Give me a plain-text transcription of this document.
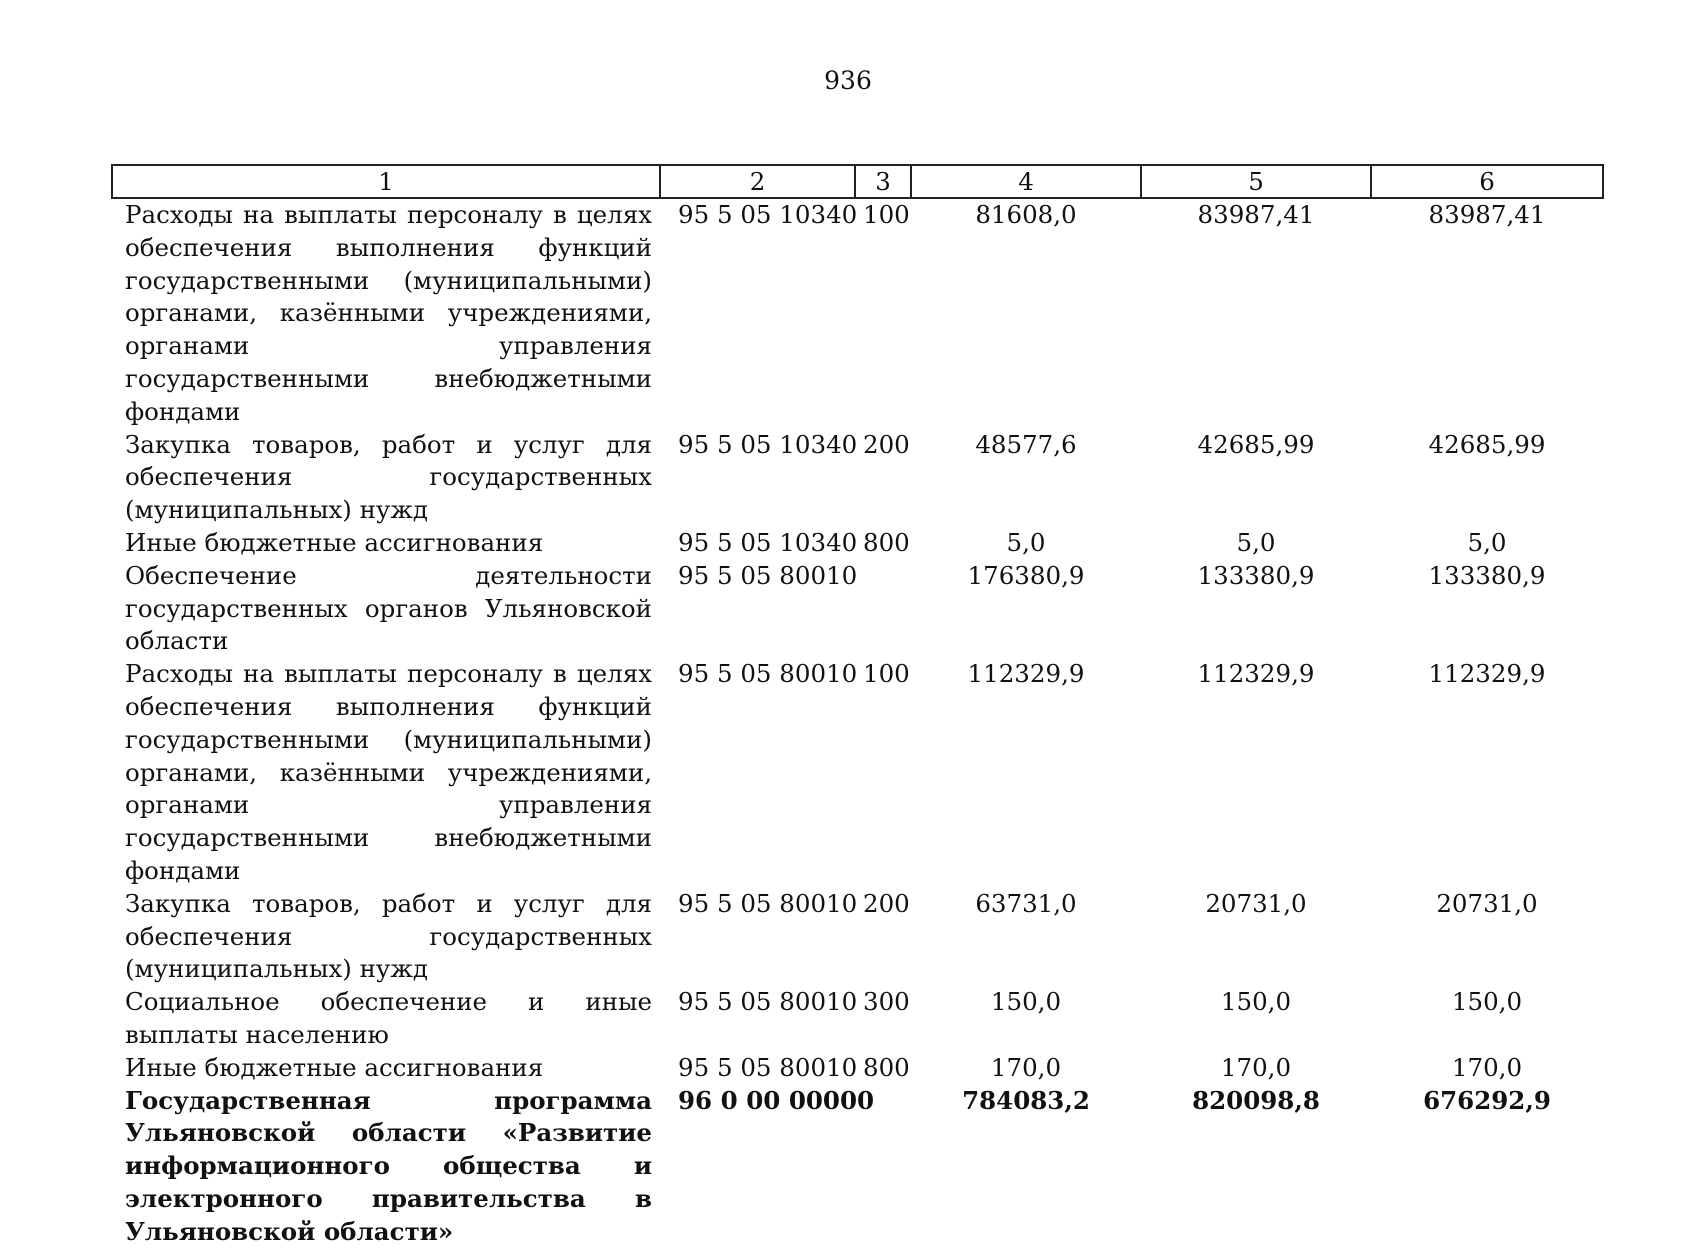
936
1	2	3	4	5	6
Расходы на выплаты персоналу в целях обеспечения выполнения функций государственными (муниципальными) органами, казёнными учреждениями, органами управления государственными внебюджетными фондами	95 5 05 10340	100	81608,0	83987,41	83987,41
Закупка товаров, работ и услуг для обеспечения государственных (муниципальных) нужд	95 5 05 10340	200	48577,6	42685,99	42685,99
Иные бюджетные ассигнования	95 5 05 10340	800	5,0	5,0	5,0
Обеспечение деятельности государственных органов Ульяновской области	95 5 05 80010		176380,9	133380,9	133380,9
Расходы на выплаты персоналу в целях обеспечения выполнения функций государственными (муниципальными) органами, казёнными учреждениями, органами управления государственными внебюджетными фондами	95 5 05 80010	100	112329,9	112329,9	112329,9
Закупка товаров, работ и услуг для обеспечения государственных (муниципальных) нужд	95 5 05 80010	200	63731,0	20731,0	20731,0
Социальное обеспечение и иные выплаты населению	95 5 05 80010	300	150,0	150,0	150,0
Иные бюджетные ассигнования	95 5 05 80010	800	170,0	170,0	170,0
Государственная программа Ульяновской области «Развитие информационного общества и электронного правительства в Ульяновской области»	96 0 00 00000		784083,2	820098,8	676292,9
